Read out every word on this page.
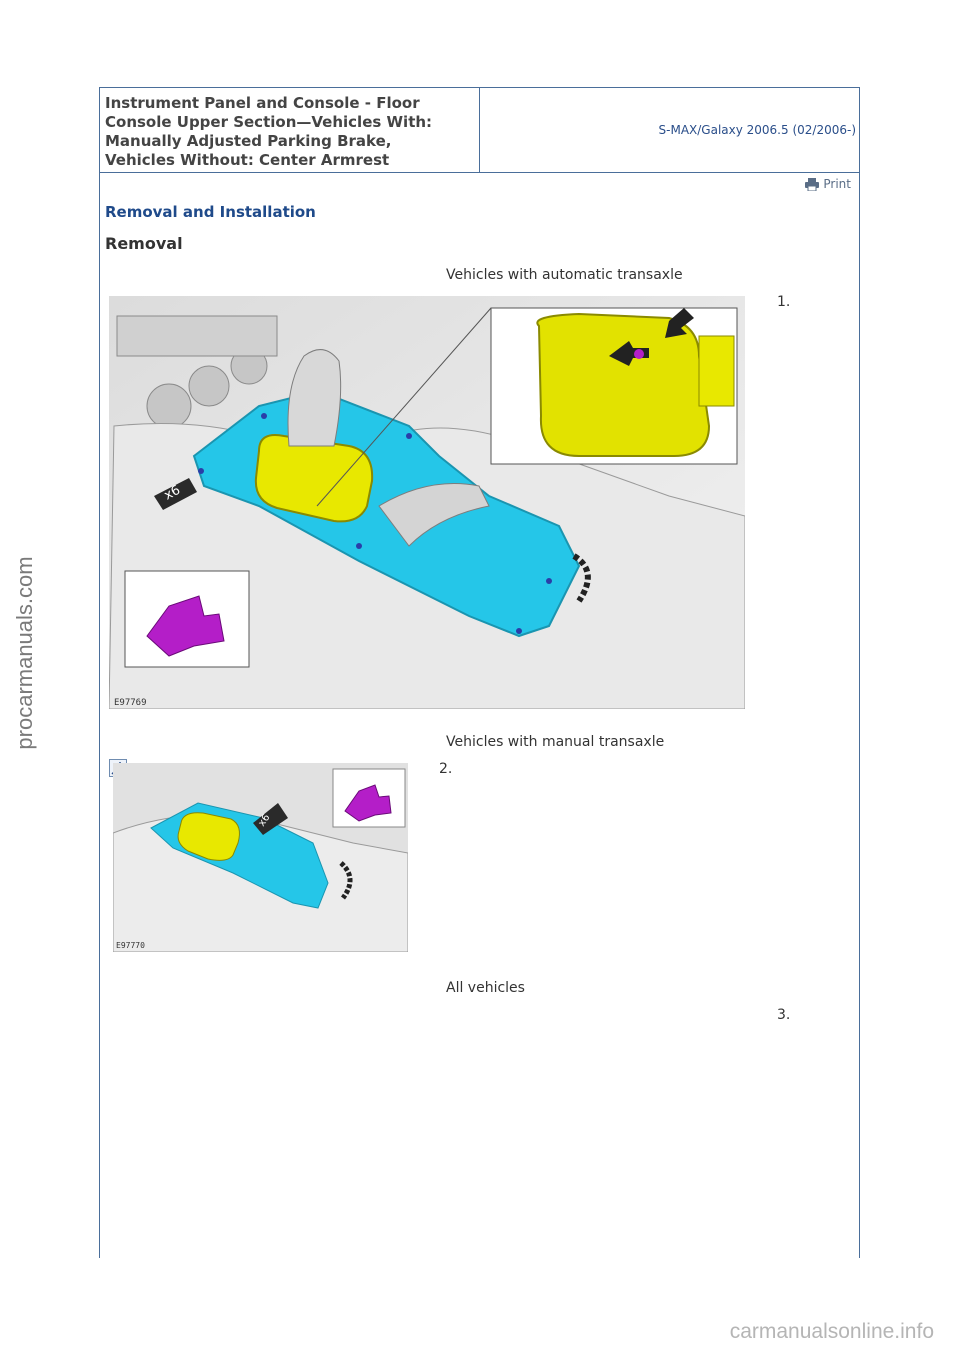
procarmanuals.com
Instrument Panel and Console - Floor
Console Upper Section—Vehicles With:
Manually Adjusted Parking Brake,
Vehicles Without: Center Armrest
S-MAX/Galaxy 2006.5 (02/2006-)
Print
Removal and Installation
Removal
Vehicles with automatic transaxle
1.
x6
E97769
Vehicles with manual transaxle
2.
x6
E97770
All vehicles
3.
carmanualsonline.info
